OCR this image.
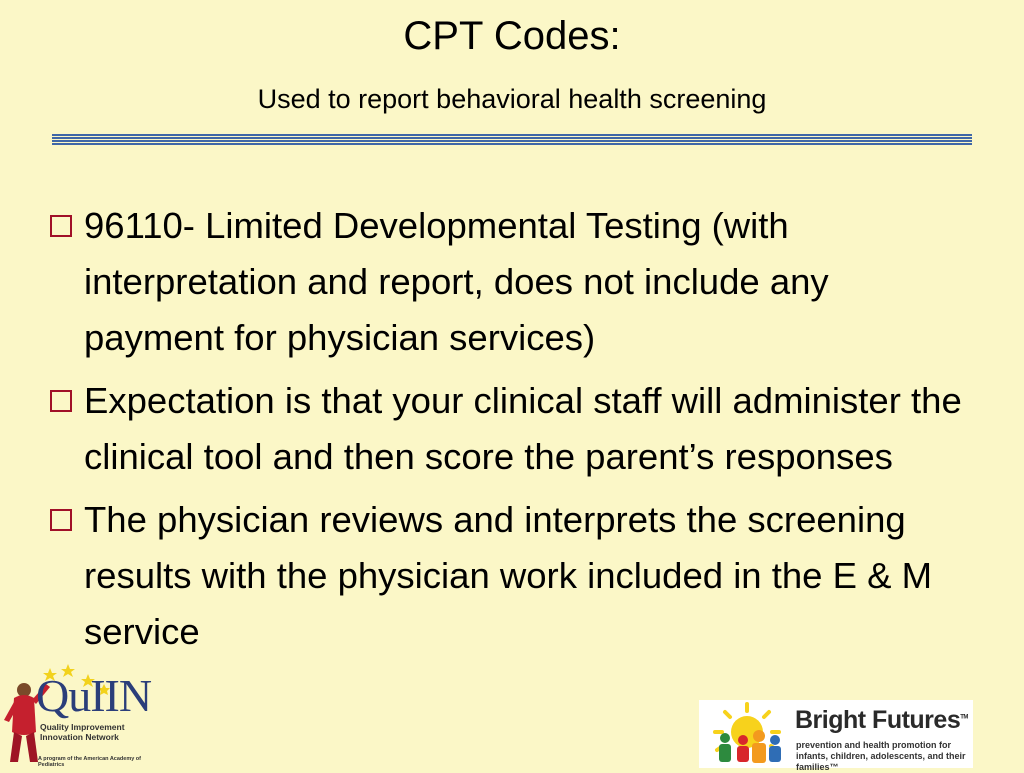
CPT Codes:
Used to report behavioral health screening
96110- Limited Developmental Testing (with interpretation and report, does not include any payment for physician services)
Expectation is that your clinical staff will administer the clinical tool and then score the parent’s responses
The physician reviews and interprets the screening results with the physician work included in the E & M service
QuIIN
Quality Improvement
Innovation Network
A program of the American Academy of Pediatrics
Bright Futures™
prevention and health promotion for infants, children, adolescents, and their families™
